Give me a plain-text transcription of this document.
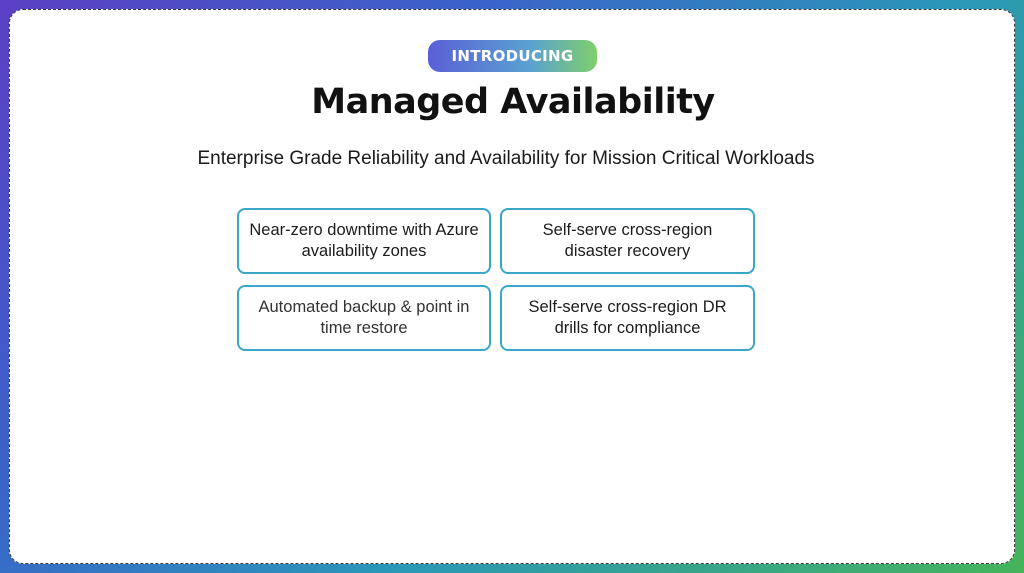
INTRODUCING
Managed Availability
Enterprise Grade Reliability and Availability for Mission Critical Workloads
Near-zero downtime with Azure availability zones
Self-serve cross-region disaster recovery
Automated backup & point in time restore
Self-serve cross-region DR drills for compliance
